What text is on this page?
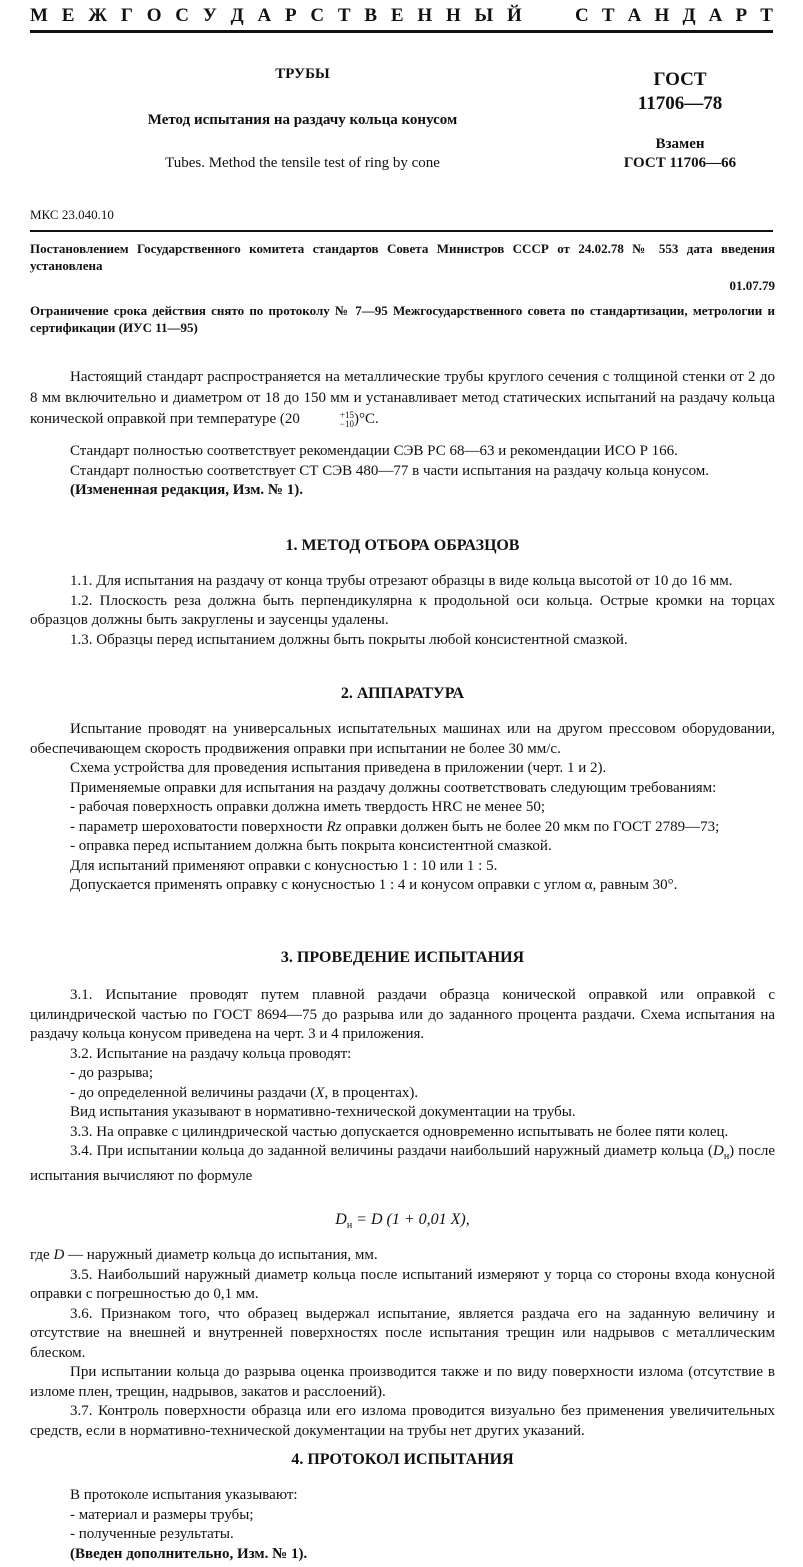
М Е Ж Г О С У Д А Р С Т В Е Н Н Ы Й	С Т А Н Д А Р Т
ТРУБЫ
Метод испытания на раздачу кольца конусом
Tubes. Method the tensile test of ring by cone
ГОСТ
11706—78
Взамен
ГОСТ 11706—66
МКС 23.040.10
Постановлением Государственного комитета стандартов Совета Министров СССР от 24.02.78 № 553 дата введения установлена
01.07.79
Ограничение срока действия снято по протоколу № 7—95 Межгосударственного совета по стандартизации, метрологии и сертификации (ИУС 11—95)

Настоящий стандарт распространяется на металлические трубы круглого сечения с толщиной стенки от 2 до 8 мм включительно и диаметром от 18 до 150 мм и устанавливает метод статических испытаний на раздачу кольца конической оправкой при температуре (20	+15
−10 )°C.

Стандарт полностью соответствует рекомендации СЭВ РС 68—63 и рекомендации ИСО Р 166.

Стандарт полностью соответствует СТ СЭВ 480—77 в части испытания на раздачу кольца конусом.

(Измененная редакция, Изм. № 1).

1. МЕТОД ОТБОРА ОБРАЗЦОВ

1.1. Для испытания на раздачу от конца трубы отрезают образцы в виде кольца высотой от 10 до 16 мм.

1.2. Плоскость реза должна быть перпендикулярна к продольной оси кольца. Острые кромки на торцах образцов должны быть закруглены и заусенцы удалены.

1.3. Образцы перед испытанием должны быть покрыты любой консистентной смазкой.

2. АППАРАТУРА

Испытание проводят на универсальных испытательных машинах или на другом прессовом оборудовании, обеспечивающем скорость продвижения оправки при испытании не более 30 мм/с.

Схема устройства для проведения испытания приведена в приложении (черт. 1 и 2).

Применяемые оправки для испытания на раздачу должны соответствовать следующим требованиям:

- рабочая поверхность оправки должна иметь твердость HRC не менее 50;

- параметр шероховатости поверхности Rz оправки должен быть не более 20 мкм по ГОСТ 2789—73;

- оправка перед испытанием должна быть покрыта консистентной смазкой.

Для испытаний применяют оправки с конусностью 1 : 10 или 1 : 5.

Допускается применять оправку с конусностью 1 : 4 и конусом оправки с углом α, равным 30°.

3. ПРОВЕДЕНИЕ ИСПЫТАНИЯ

3.1. Испытание проводят путем плавной раздачи образца конической оправкой или оправкой с цилиндрической частью по ГОСТ 8694—75 до разрыва или до заданного процента раздачи. Схема испытания на раздачу кольца конусом приведена на черт. 3 и 4 приложения.

3.2. Испытание на раздачу кольца проводят:

- до разрыва;

- до определенной величины раздачи (X, в процентах).

Вид испытания указывают в нормативно-технической документации на трубы.

3.3. На оправке с цилиндрической частью допускается одновременно испытывать не более пяти колец.

3.4. При испытании кольца до заданной величины раздачи наибольший наружный диаметр кольца $(D_н)$ после испытания вычисляют по формуле

$D_н = D$ (1 + 0,01 X),

где D — наружный диаметр кольца до испытания, мм.

3.5. Наибольший наружный диаметр кольца после испытаний измеряют у торца со стороны входа конусной оправки с погрешностью до 0,1 мм.

3.6. Признаком того, что образец выдержал испытание, является раздача его на заданную величину и отсутствие на внешней и внутренней поверхностях после испытания трещин или надрывов с металлическим блеском.

При испытании кольца до разрыва оценка производится также и по виду поверхности излома (отсутствие в изломе плен, трещин, надрывов, закатов и расслоений).

3.7. Контроль поверхности образца или его излома проводится визуально без применения увеличительных средств, если в нормативно-технической документации на трубы нет других указаний.

4. ПРОТОКОЛ ИСПЫТАНИЯ

В протоколе испытания указывают:

- материал и размеры трубы;

- полученные результаты.

(Введен дополнительно, Изм. № 1).
